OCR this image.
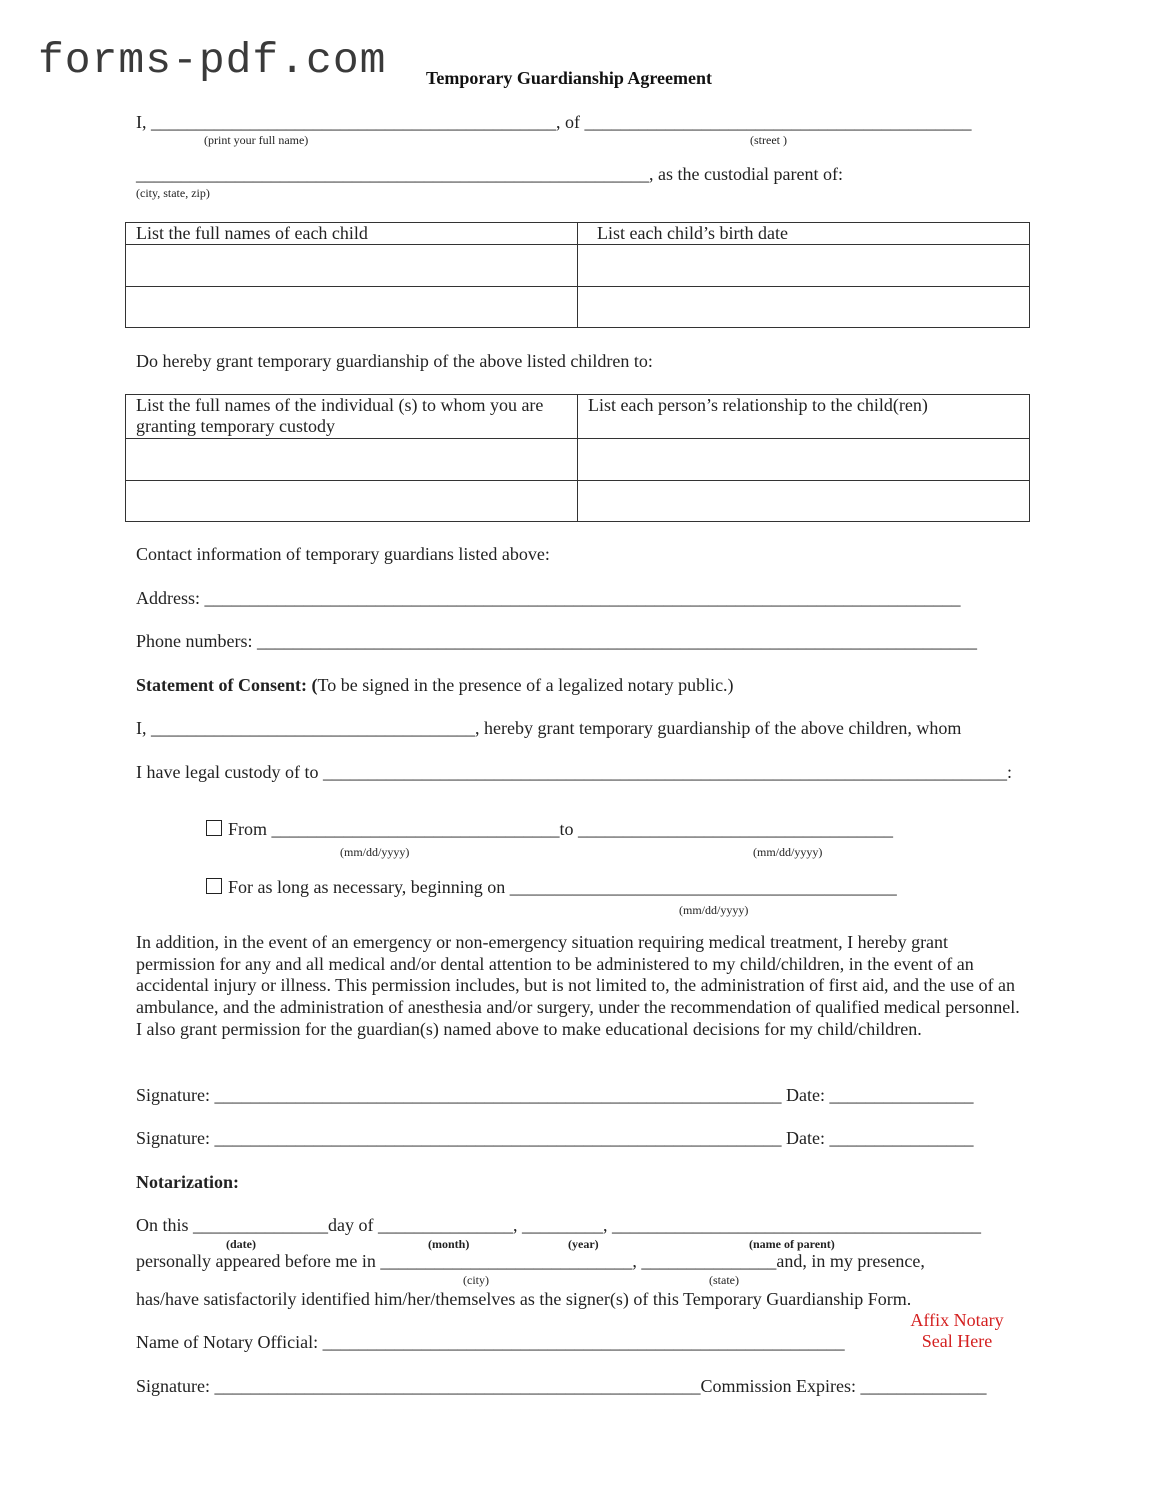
forms-pdf.com Temporary Guardianship Agreement
I, _____________________________________________, of ___________________________________________
(print your full name)	(street )
_________________________________________________________, as the custodial parent of:
(city, state, zip)
List the full names of each child	List each child’s birth date

Do hereby grant temporary guardianship of the above listed children to:
List the full names of the individual (s) to whom you are
granting temporary custody	List each person’s relationship to the child(ren)

Contact information of temporary guardians listed above:
Address: ____________________________________________________________________________________
Phone numbers: ________________________________________________________________________________
Statement of Consent: (To be signed in the presence of a legalized notary public.)
I, ____________________________________, hereby grant temporary guardianship of the above children, whom
I have legal custody of to ____________________________________________________________________________:
From ________________________________to ___________________________________
(mm/dd/yyyy)	(mm/dd/yyyy)
For as long as necessary, beginning on ___________________________________________
(mm/dd/yyyy)
In addition, in the event of an emergency or non-emergency situation requiring medical treatment, I hereby grant permission for any and all medical and/or dental attention to be administered to my child/children, in the event of an accidental injury or illness. This permission includes, but is not limited to, the administration of first aid, and the use of an ambulance, and the administration of anesthesia and/or surgery, under the recommendation of qualified medical personnel. I also grant permission for the guardian(s) named above to make educational decisions for my child/children.
Signature: _______________________________________________________________ Date: ________________
Signature: _______________________________________________________________ Date: ________________
Notarization:
On this _______________day of _______________, _________, _________________________________________
(date)	(month)	(year)	(name of parent)
personally appeared before me in ____________________________, _______________and, in my presence,
(city)	(state)
has/have satisfactorily identified him/her/themselves as the signer(s) of this Temporary Guardianship Form.
Affix Notary
Seal Here
Name of Notary Official: __________________________________________________________
Signature: ______________________________________________________Commission Expires: ______________
